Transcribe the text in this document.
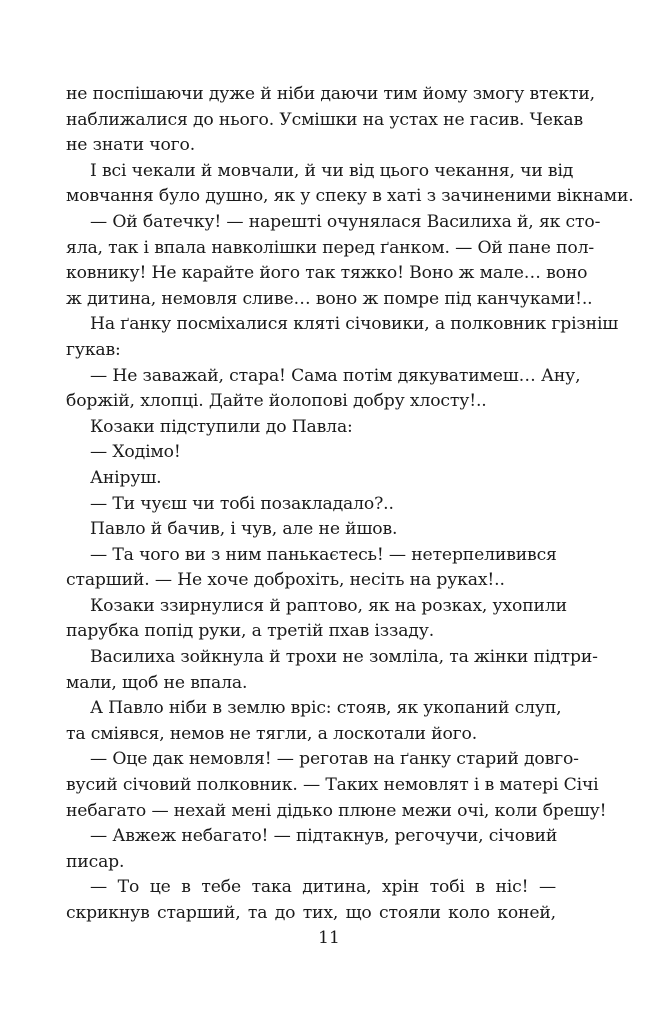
не поспішаючи дуже й ніби даючи тим йому змогу втекти,
наближалися до нього. Усмішки на устах не гасив. Чекав
не знати чого.
І всі чекали й мовчали, й чи від цього чекання, чи від
мовчання було душно, як у спеку в хаті з зачиненими вікнами.
— Ой батечку! — нарешті очунялася Василиха й, як сто-
яла, так і впала навколішки перед ґанком. — Ой пане пол-
ковнику! Не карайте його так тяжко! Воно ж мале… воно
ж дитина, немовля сливе… воно ж помре під канчуками!..
На ґанку посміхалися кляті січовики, а полковник грізніш
гукав:
— Не заважай, стара! Сама потім дякуватимеш… Ану,
боржій, хлопці. Дайте йолопові добру хлосту!..
Козаки підступили до Павла:
— Ходімо!
Аніруш.
— Ти чуєш чи тобі позакладало?..
Павло й бачив, і чув, але не йшов.
— Та чого ви з ним панькаєтесь! — нетерпеливився
старший. — Не хоче доброхіть, несіть на руках!..
Козаки ззирнулися й раптово, як на розках, ухопили
парубка попід руки, а третій пхав іззаду.
Василиха зойкнула й трохи не зомліла, та жінки підтри-
мали, щоб не впала.
А Павло ніби в землю вріс: стояв, як укопаний слуп,
та сміявся, немов не тягли, а лоскотали його.
— Оце дак немовля! — реготав на ґанку старий довго-
вусий січовий полковник. — Таких немовлят і в матері Січі
небагато — нехай мені дідько плюне межи очі, коли брешу!
— Авжеж небагато! — підтакнув, регочучи, січовий
писар.
— То це в тебе така дитина, хрін тобі в ніс! —
скрикнув старший, та до тих, що стояли коло коней,
11
